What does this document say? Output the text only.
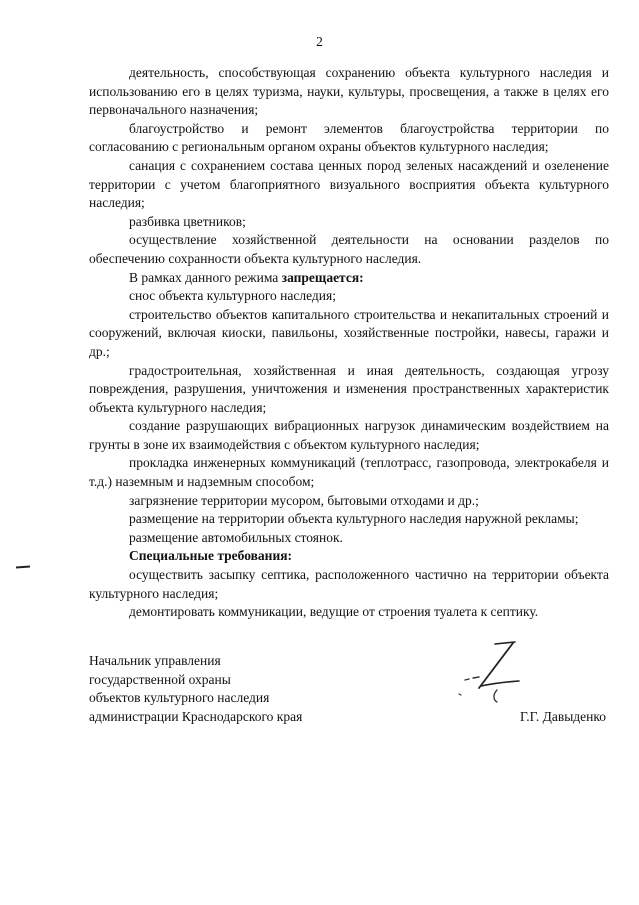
2

деятельность, способствующая сохранению объекта культурного наследия и использованию его в целях туризма, науки, культуры, просвещения, а также в целях его первоначального назначения;

благоустройство и ремонт элементов благоустройства территории по согласованию с региональным органом охраны объектов культурного наследия;

санация с сохранением состава ценных пород зеленых насаждений и озеленение территории с учетом благоприятного визуального восприятия объекта культурного наследия;

разбивка цветников;

осуществление хозяйственной деятельности на основании разделов по обеспечению сохранности объекта культурного наследия.

В рамках данного режима запрещается:

снос объекта культурного наследия;

строительство объектов капитального строительства и некапитальных строений и сооружений, включая киоски, павильоны, хозяйственные постройки, навесы, гаражи и др.;

градостроительная, хозяйственная и иная деятельность, создающая угрозу повреждения, разрушения, уничтожения и изменения пространственных характеристик объекта культурного наследия;

создание разрушающих вибрационных нагрузок динамическим воздействием на грунты в зоне их взаимодействия с объектом культурного наследия;

прокладка инженерных коммуникаций (теплотрасс, газопровода, электрокабеля и т.д.) наземным и надземным способом;

загрязнение территории мусором, бытовыми отходами и др.;

размещение на территории объекта культурного наследия наружной рекламы;

размещение автомобильных стоянок.

Специальные требования:

осуществить засыпку септика, расположенного частично на территории объекта культурного наследия;

демонтировать коммуникации, ведущие от строения туалета к септику.

Начальник управления
государственной охраны
объектов культурного наследия
администрации Краснодарского края	Г.Г. Давыденко
